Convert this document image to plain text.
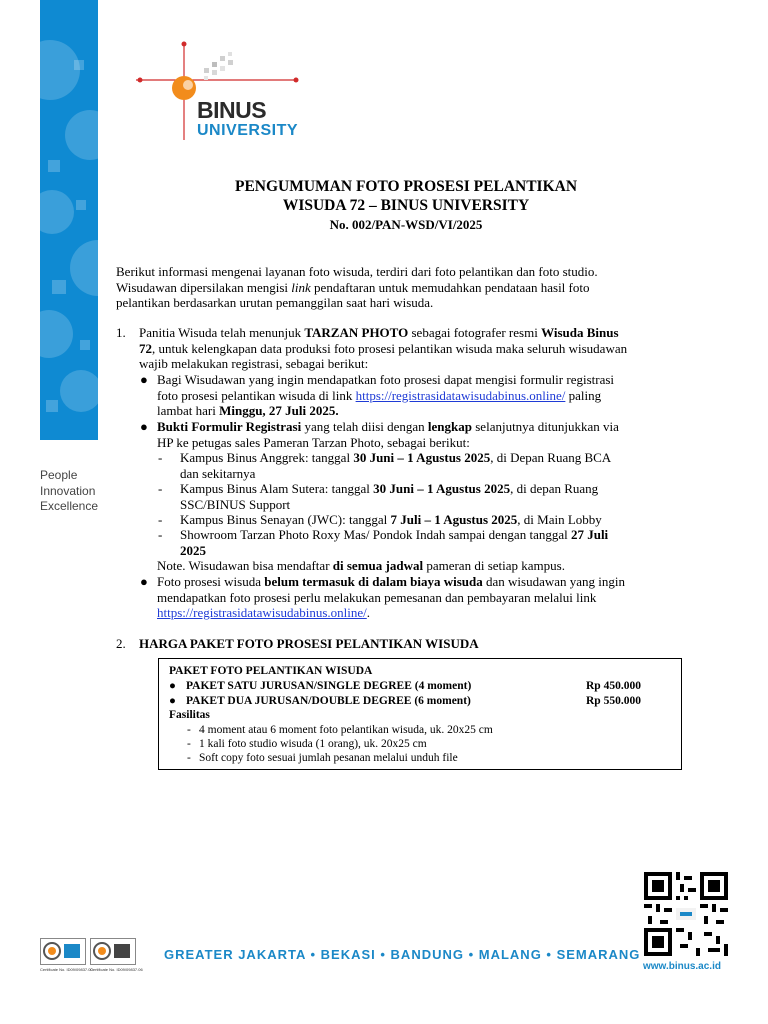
People
Innovation
Excellence
BINUS
UNIVERSITY
PENGUMUMAN FOTO PROSESI PELANTIKAN
WISUDA 72 – BINUS UNIVERSITY
No. 002/PAN-WSD/VI/2025
Berikut informasi mengenai layanan foto wisuda, terdiri dari foto pelantikan dan foto studio.
Wisudawan dipersilakan mengisi link pendaftaran untuk memudahkan pendataan hasil foto
pelantikan berdasarkan urutan pemanggilan saat hari wisuda.
1. Panitia Wisuda telah menunjuk TARZAN PHOTO sebagai fotografer resmi Wisuda Binus
72, untuk kelengkapan data produksi foto prosesi pelantikan wisuda maka seluruh wisudawan
wajib melakukan registrasi, sebagai berikut:
● Bagi Wisudawan yang ingin mendapatkan foto prosesi dapat mengisi formulir registrasi
foto prosesi pelantikan wisuda di link https://registrasidatawisudabinus.online/ paling
lambat hari Minggu, 27 Juli 2025.
● Bukti Formulir Registrasi yang telah diisi dengan lengkap selanjutnya ditunjukkan via
HP ke petugas sales Pameran Tarzan Photo, sebagai berikut:
- Kampus Binus Anggrek: tanggal 30 Juni – 1 Agustus 2025, di Depan Ruang BCA
dan sekitarnya
- Kampus Binus Alam Sutera: tanggal 30 Juni – 1 Agustus 2025, di depan Ruang
SSC/BINUS Support
- Kampus Binus Senayan (JWC): tanggal 7 Juli – 1 Agustus 2025, di Main Lobby
- Showroom Tarzan Photo Roxy Mas/ Pondok Indah sampai dengan tanggal 27 Juli
2025
Note. Wisudawan bisa mendaftar di semua jadwal pameran di setiap kampus.
● Foto prosesi wisuda belum termasuk di dalam biaya wisuda dan wisudawan yang ingin
mendapatkan foto prosesi perlu melakukan pemesanan dan pembayaran melalui link
https://registrasidatawisudabinus.online/.
2. HARGA PAKET FOTO PROSESI PELANTIKAN WISUDA
PAKET FOTO PELANTIKAN WISUDA
● PAKET SATU JURUSAN/SINGLE DEGREE (4 moment)	Rp 450.000
● PAKET DUA JURUSAN/DOUBLE DEGREE (6 moment)	Rp 550.000
Fasilitas
- 4 moment atau 6 moment foto pelantikan wisuda, uk. 20x25 cm
- 1 kali foto studio wisuda (1 orang), uk. 20x25 cm
- Soft copy foto sesuai jumlah pesanan melalui unduh file
www.binus.ac.id
GREATER JAKARTA • BEKASI • BANDUNG • MALANG • SEMARANG
Certificate No. ID09/09837.00
Certificate No. ID09/09837.06
